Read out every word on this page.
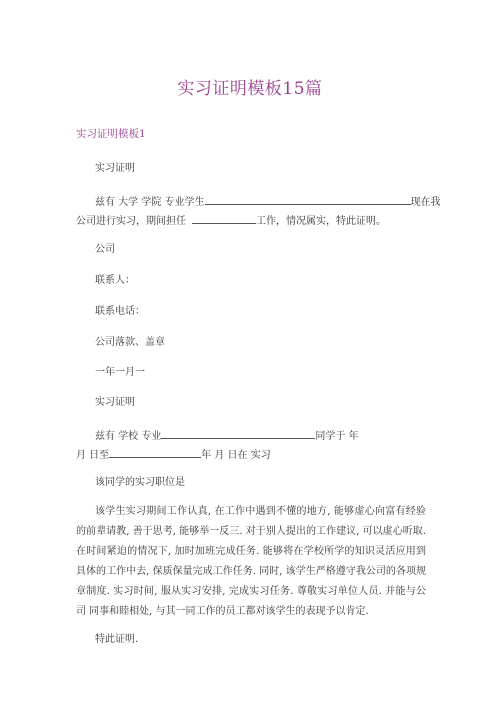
实习证明模板15篇
实习证明模板1
实习证明
兹有 大学 学院 专业学生	现在我
公司进行实习，期间担任	工作，情况属实，特此证明。
公司
联系人：
联系电话：
公司落款、盖章
一年一月一
实习证明
兹有 学校 专业	同学于 年
月 日至	年 月 日在 实习
该同学的实习职位是
该学生实习期间工作认真, 在工作中遇到不懂的地方, 能够虚心向富有经验 的前辈请教, 善于思考, 能够举一反三. 对于别人提出的工作建议, 可以虚心听取. 在时间紧迫的情况下, 加时加班完成任务. 能够将在学校所学的知识灵活应用到 具体的工作中去, 保质保量完成工作任务. 同时, 该学生严格遵守我公司的各项规 章制度. 实习时间, 服从实习安排, 完成实习任务. 尊敬实习单位人员. 并能与公司 同事和睦相处, 与其一同工作的员工都对该学生的表现予以肯定.
特此证明.
